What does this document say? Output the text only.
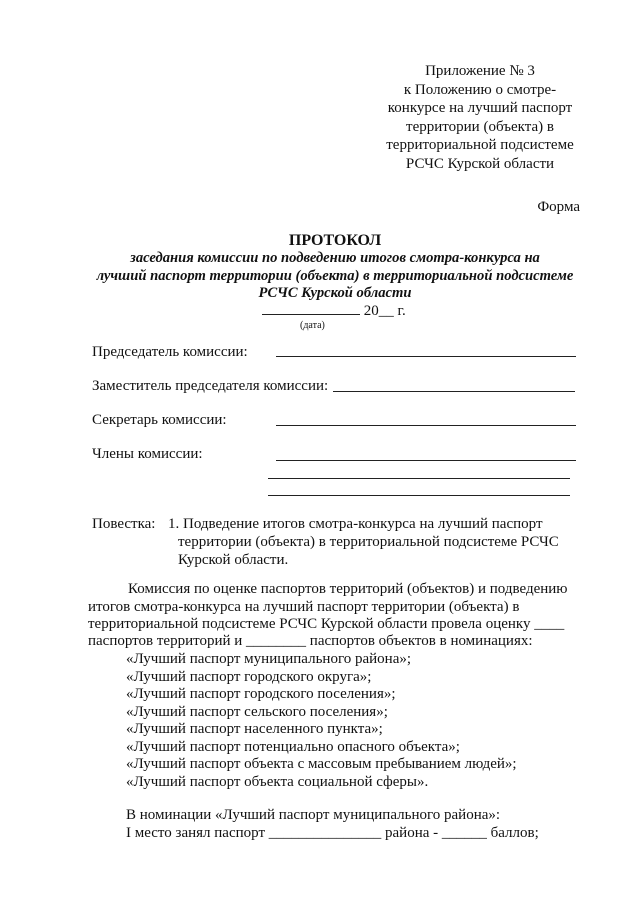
Приложение № 3
к Положению о смотре-
конкурсе на лучший паспорт
территории (объекта) в
территориальной подсистеме
РСЧС Курской области
Форма
ПРОТОКОЛ
заседания комиссии по подведению итогов смотра-конкурса на
лучший паспорт территории (объекта) в территориальной подсистеме
РСЧС Курской области
20__ г.
(дата)
Председатель комиссии:
Заместитель председателя комиссии:
Секретарь комиссии:
Члены комиссии:
Повестка: 1. Подведение итогов смотра-конкурса на лучший паспорт
территории (объекта) в территориальной подсистеме РСЧС
Курской области.
Комиссия по оценке паспортов территорий (объектов) и подведению
итогов смотра-конкурса на лучший паспорт территории (объекта) в
территориальной подсистеме РСЧС Курской области провела оценку ____
паспортов территорий и ________ паспортов объектов в номинациях:
«Лучший паспорт муниципального района»;
«Лучший паспорт городского округа»;
«Лучший паспорт городского поселения»;
«Лучший паспорт сельского поселения»;
«Лучший паспорт населенного пункта»;
«Лучший паспорт потенциально опасного объекта»;
«Лучший паспорт объекта с массовым пребыванием людей»;
«Лучший паспорт объекта социальной сферы».
В номинации «Лучший паспорт муниципального района»:
I место занял паспорт _______________ района - ______ баллов;
